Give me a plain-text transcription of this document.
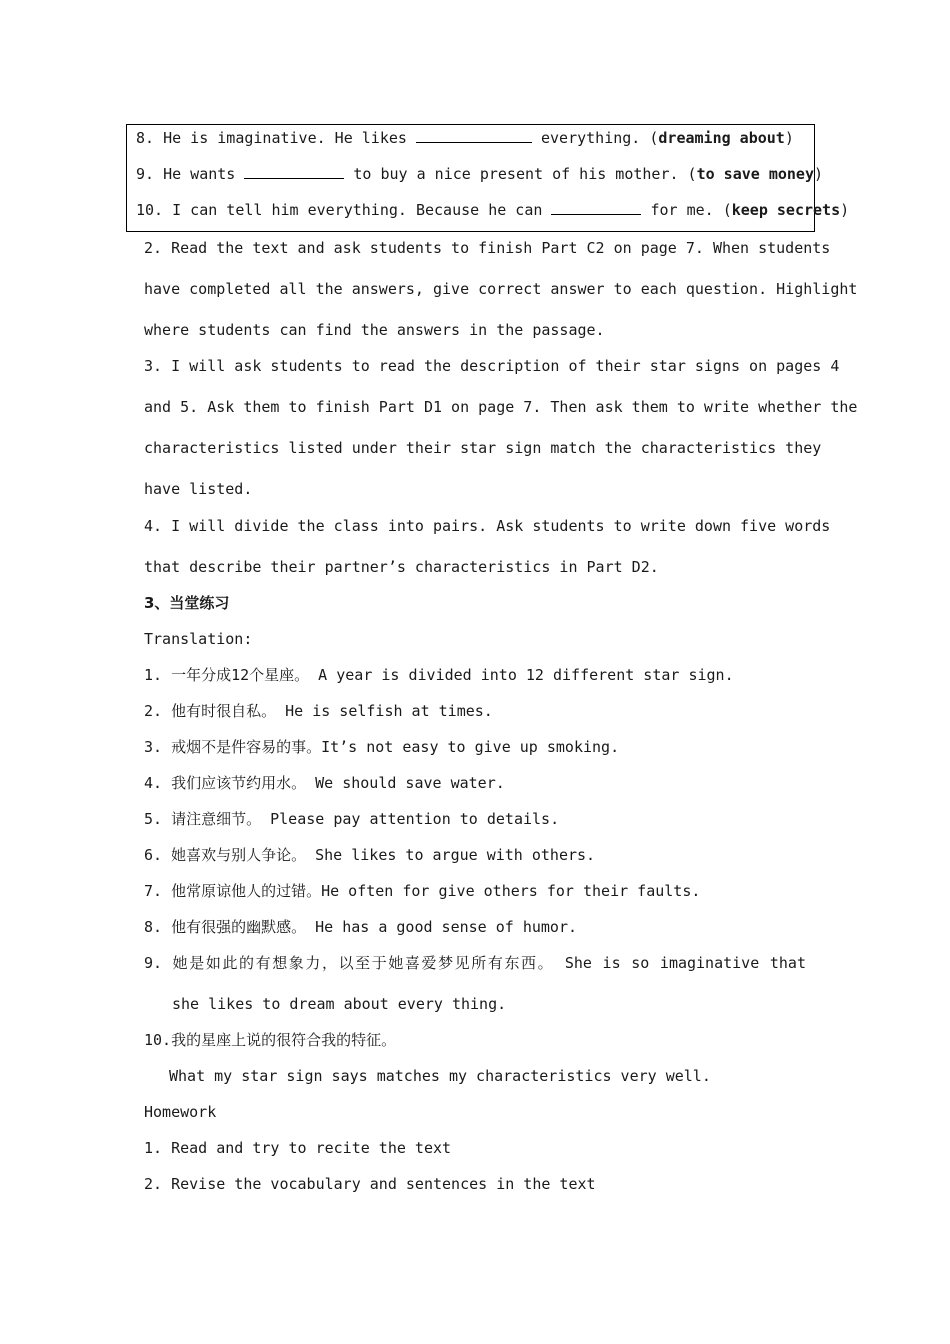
8. He is imaginative. He likes	everything. (dreaming about)
9. He wants	to buy a nice present of his mother. (to save money)
10. I can tell him everything. Because he can	for me. (keep secrets)
2. Read the text and ask students to finish Part C2 on page 7. When students
have completed all the answers, give correct answer to each question. Highlight
where students can find the answers in the passage.
3. I will ask students to read the description of their star signs on pages 4
and 5. Ask them to finish Part D1 on page 7. Then ask them to write whether the
characteristics listed under their star sign match the characteristics they
have listed.
4. I will divide the class into pairs. Ask students to write down five words
that describe their partner’s characteristics in Part D2.
3、当堂练习
Translation:
1. 一年分成12个星座。 A year is divided into 12 different star sign.
2. 他有时很自私。 He is selfish at times.
3. 戒烟不是件容易的事。It’s not easy to give up smoking.
4. 我们应该节约用水。 We should save water.
5. 请注意细节。 Please pay attention to details.
6. 她喜欢与别人争论。 She likes to argue with others.
7. 他常原谅他人的过错。He often for give others for their faults.
8. 他有很强的幽默感。 He has a good sense of humor.
9. 她是如此的有想象力，以至于她喜爱梦见所有东西。 She is so imaginative that
she likes to dream about every thing.
10.我的星座上说的很符合我的特征。
What my star sign says matches my characteristics very well.
Homework
1. Read and try to recite the text
2. Revise the vocabulary and sentences in the text
